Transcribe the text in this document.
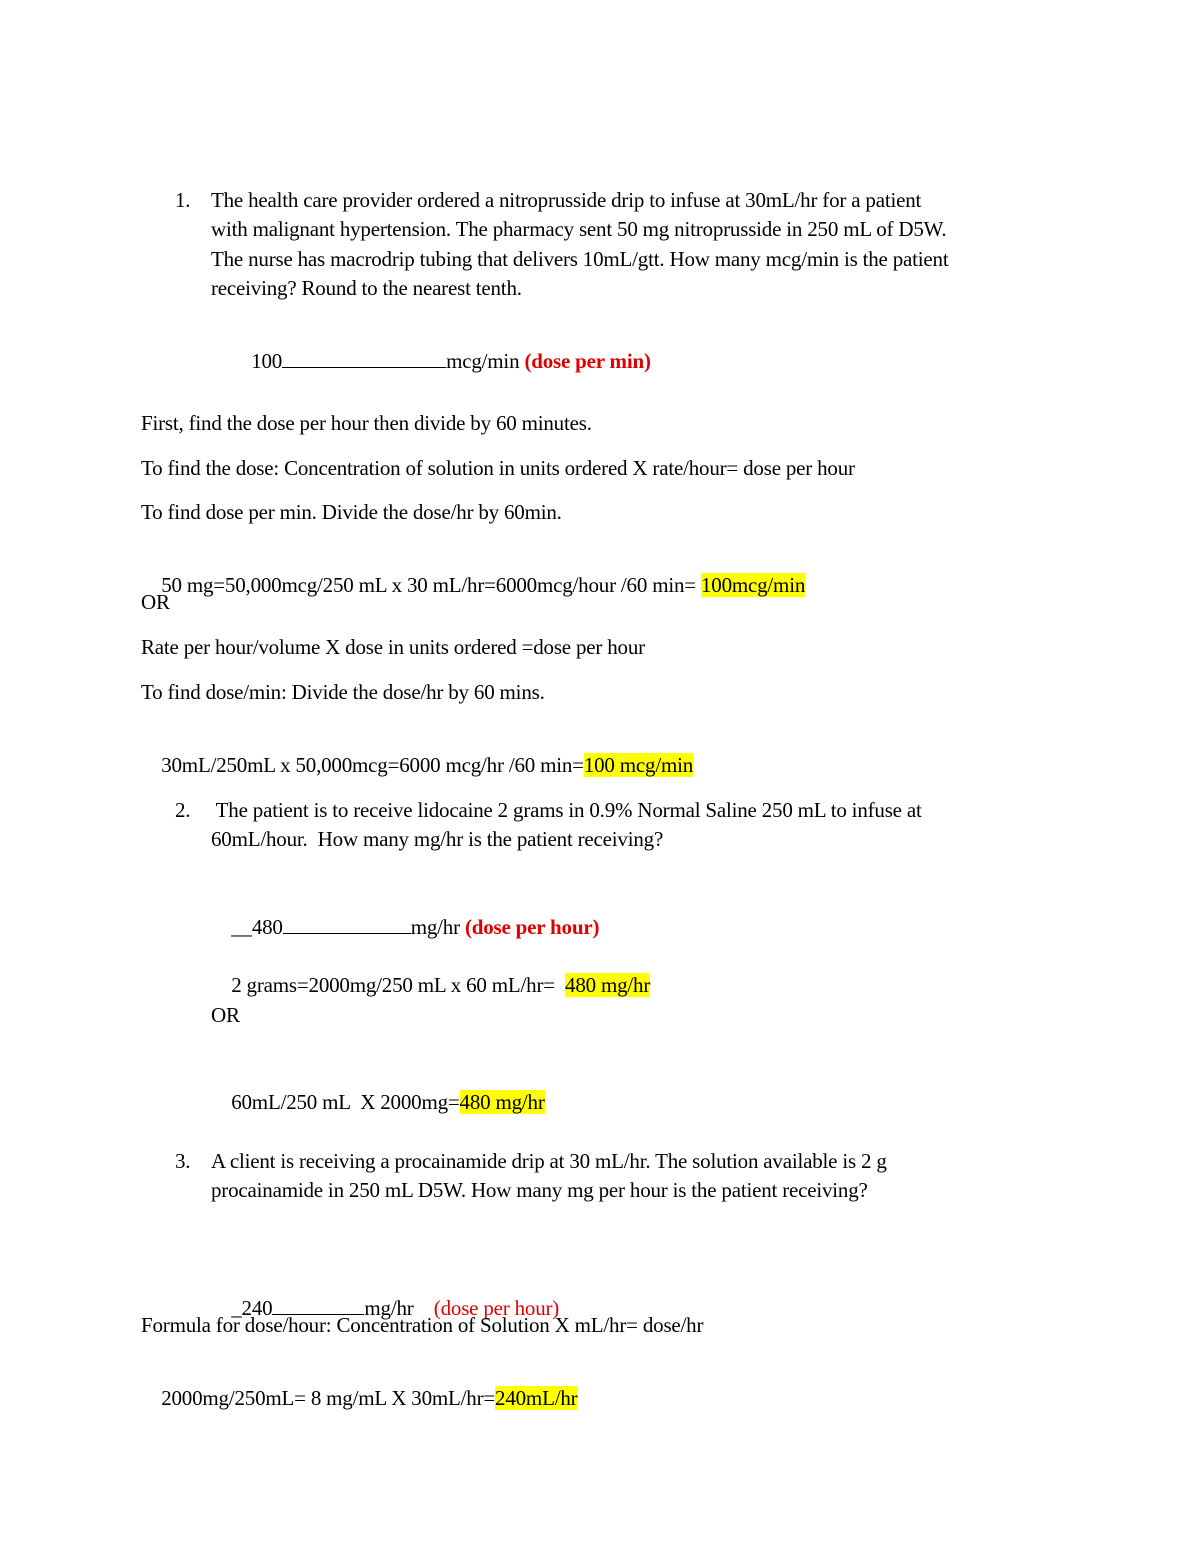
1. The health care provider ordered a nitroprusside drip to infuse at 30mL/hr for a patient
with malignant hypertension. The pharmacy sent 50 mg nitroprusside in 250 mL of D5W.
The nurse has macrodrip tubing that delivers 10mL/gtt. How many mcg/min is the patient
receiving? Round to the nearest tenth.

100	mcg/min (dose per min)

First, find the dose per hour then divide by 60 minutes.
To find the dose: Concentration of solution in units ordered X rate/hour= dose per hour
To find dose per min. Divide the dose/hr by 60min.

50 mg=50,000mcg/250 mL x 30 mL/hr=6000mcg/hour /60 min= 100mcg/min

OR
Rate per hour/volume X dose in units ordered =dose per hour
To find dose/min: Divide the dose/hr by 60 mins.

30mL/250mL x 50,000mcg=6000 mcg/hr /60 min=100 mcg/min

2. The patient is to receive lidocaine 2 grams in 0.9% Normal Saline 250 mL to infuse at
60mL/hour.  How many mg/hr is the patient receiving?

__480	mg/hr (dose per hour)

2 grams=2000mg/250 mL x 60 mL/hr=  480 mg/hr

OR

60mL/250 mL  X 2000mg=480 mg/hr

3. A client is receiving a procainamide drip at 30 mL/hr. The solution available is 2 g
procainamide in 250 mL D5W. How many mg per hour is the patient receiving?

_240	mg/hr (dose per hour)

Formula for dose/hour: Concentration of Solution X mL/hr= dose/hr

2000mg/250mL= 8 mg/mL X 30mL/hr=240mL/hr
